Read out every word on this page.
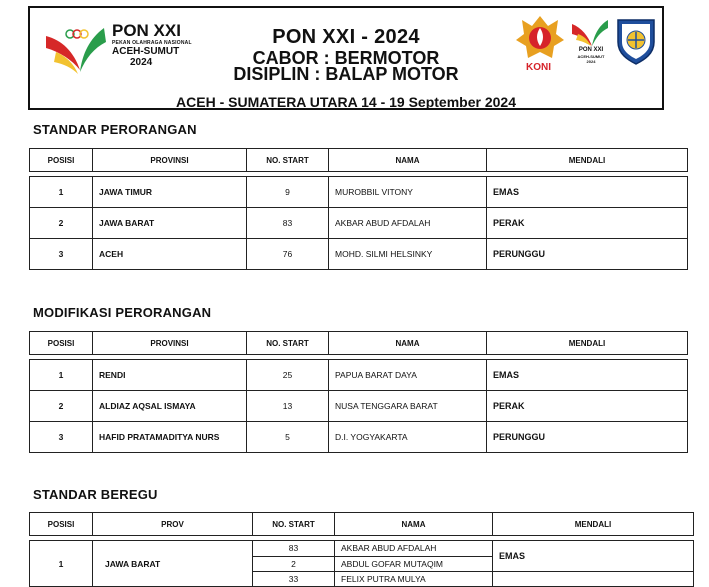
PON XXI - 2024
CABOR : BERMOTOR
DISIPLIN : BALAP MOTOR
ACEH - SUMATERA UTARA 14 - 19 September 2024
PON XXI
PEKAN OLAHRAGA NASIONAL
ACEH-SUMUT
2024	KONI
PON XXI
ACEH-SUMUT
2024
STANDAR PERORANGAN
POSISI	PROVINSI	NO. START	NAMA	MENDALI

1	JAWA TIMUR	9	MUROBBIL VITONY	EMAS
2	JAWA BARAT	83	AKBAR ABUD AFDALAH	PERAK
3	ACEH	76	MOHD. SILMI HELSINKY	PERUNGGU
MODIFIKASI PERORANGAN
POSISI	PROVINSI	NO. START	NAMA	MENDALI

1	RENDI	25	PAPUA BARAT DAYA	EMAS
2	ALDIAZ AQSAL ISMAYA	13	NUSA TENGGARA BARAT	PERAK
3	HAFID PRATAMADITYA NURS	5	D.I. YOGYAKARTA	PERUNGGU
STANDAR BEREGU
POSISI	PROV	NO. START	NAMA	MENDALI

1	JAWA BARAT	83	AKBAR ABUD AFDALAH	EMAS
		2	ABDUL GOFAR MUTAQIM	
		33	FELIX PUTRA MULYA	
